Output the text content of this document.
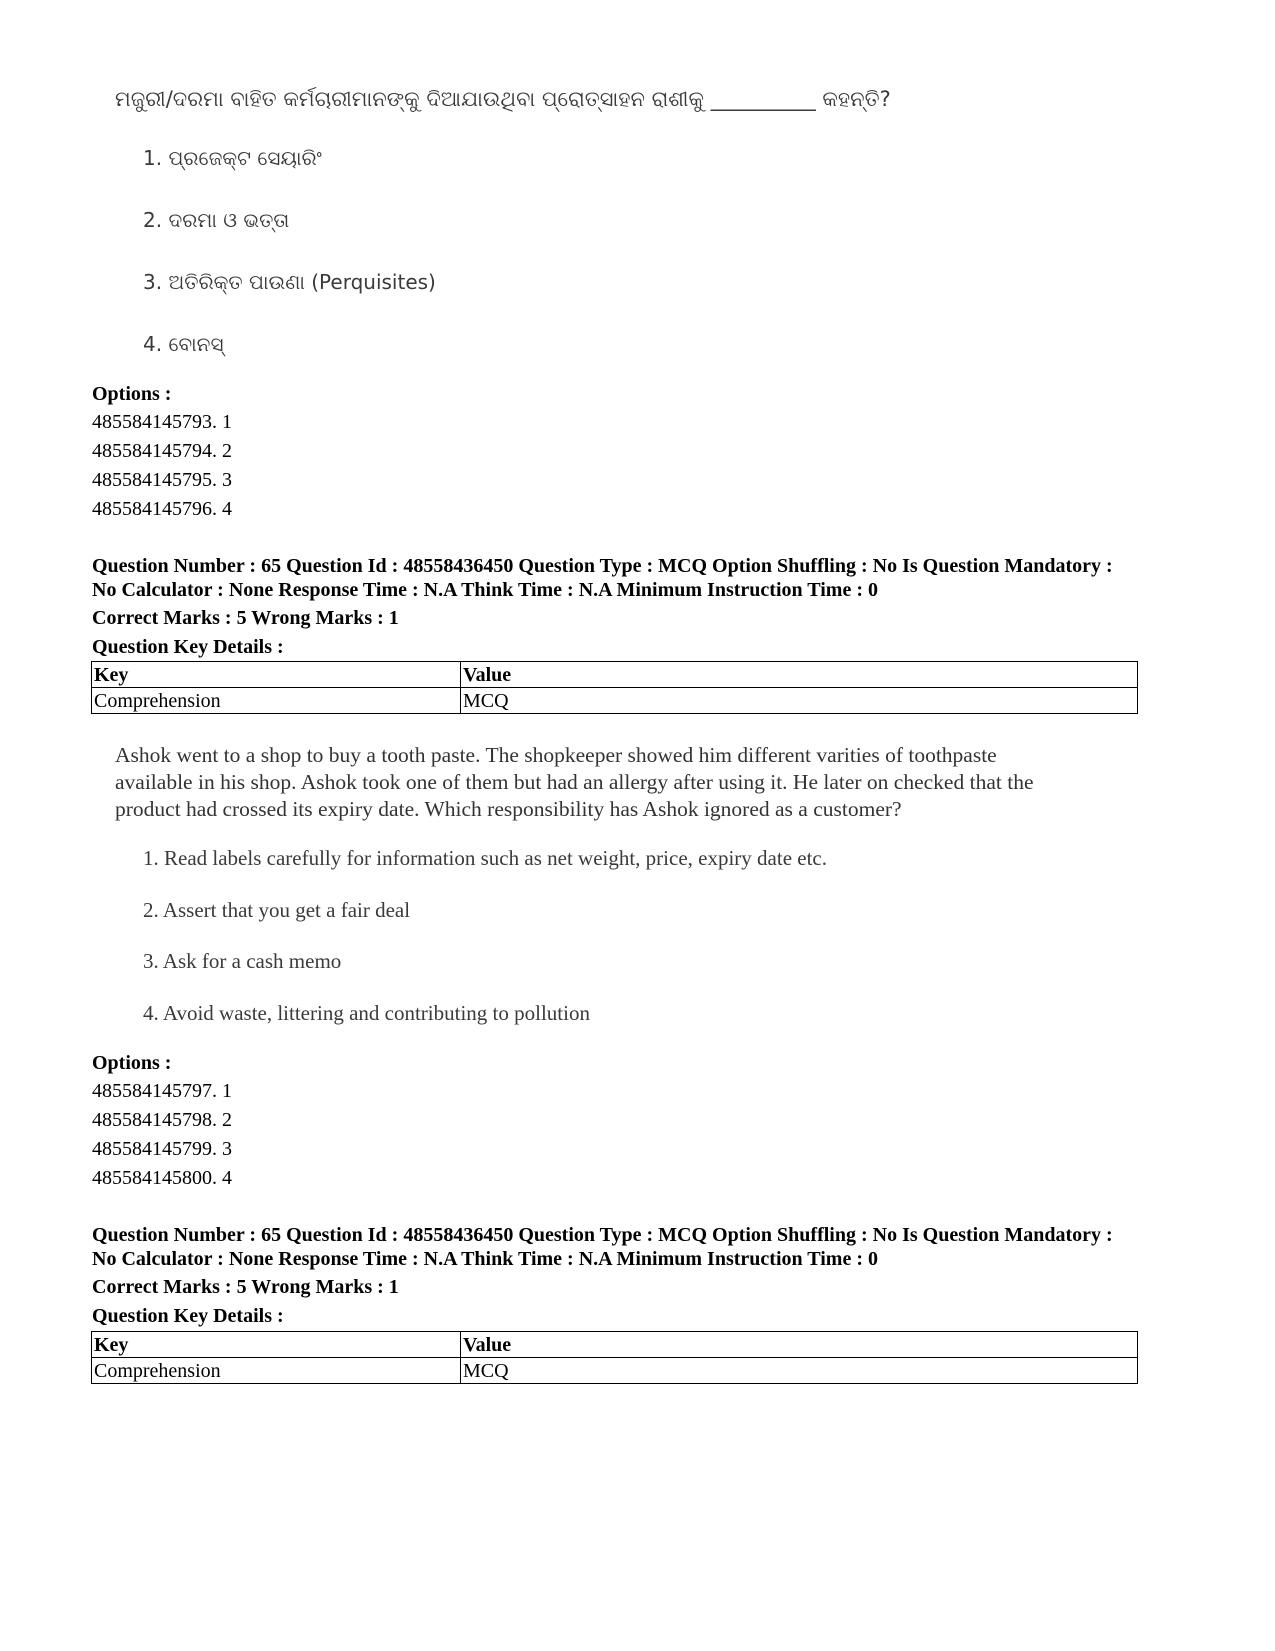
ମଜୁରୀ/ଦରମା ବାହିତ କର୍ମଚାରୀମାନଙ୍କୁ ଦିଆଯାଉଥିବା ପ୍ରୋତ୍ସାହନ ରାଶୀକୁ __________ କହନ୍ତି?
1. ପ୍ରଜେକ୍ଟ ସେୟାରିଂ
2. ଦରମା ଓ ଭତ୍ତା
3. ଅତିରିକ୍ତ ପାଉଣା (Perquisites)
4. ବୋନସ୍
Options :
485584145793. 1
485584145794. 2
485584145795. 3
485584145796. 4
Question Number : 65 Question Id : 48558436450 Question Type : MCQ Option Shuffling : No Is Question Mandatory :
No Calculator : None Response Time : N.A Think Time : N.A Minimum Instruction Time : 0
Correct Marks : 5 Wrong Marks : 1
Question Key Details :
Key	Value
Comprehension	MCQ
Ashok went to a shop to buy a tooth paste. The shopkeeper showed him different varities of toothpaste
available in his shop. Ashok took one of them but had an allergy after using it. He later on checked that the
product had crossed its expiry date. Which responsibility has Ashok ignored as a customer?
1. Read labels carefully for information such as net weight, price, expiry date etc.
2. Assert that you get a fair deal
3. Ask for a cash memo
4. Avoid waste, littering and contributing to pollution
Options :
485584145797. 1
485584145798. 2
485584145799. 3
485584145800. 4
Question Number : 65 Question Id : 48558436450 Question Type : MCQ Option Shuffling : No Is Question Mandatory :
No Calculator : None Response Time : N.A Think Time : N.A Minimum Instruction Time : 0
Correct Marks : 5 Wrong Marks : 1
Question Key Details :
Key	Value
Comprehension	MCQ
